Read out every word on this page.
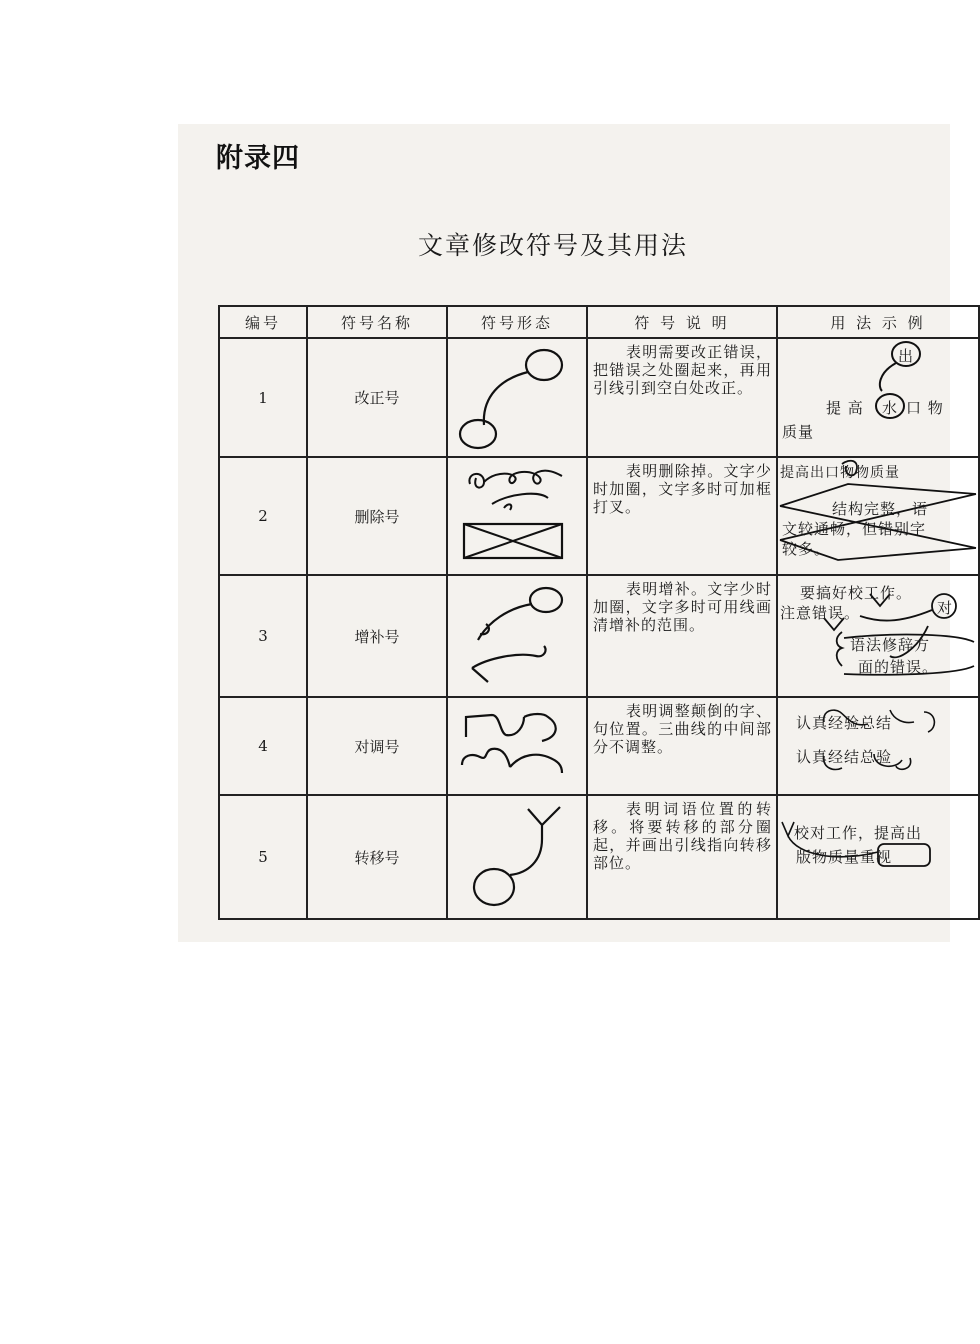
附录四
文章修改符号及其用法
编号	符号名称	符号形态	符 号 说 明	用 法 示 例
1	改正号		表明需要改正错误，把错误之处圈起来，再用引线引到空白处改正。	出
提 高 水 口 物
质量

2	删除号		表明删除掉。文字少时加圈，文字多时可加框打叉。	提高出口物物质量
结构完整，语
文较通畅，但错别字
较多。

3	增补号		表明增补。文字少时加圈，文字多时可用线画清增补的范围。	要搞好校工作。
注意错误。 对
语法修辞方
面的错误。

4	对调号		表明调整颠倒的字、句位置。三曲线的中间部分不调整。	认真经验总结
认真经结总验

5	转移号		表明词语位置的转移。将要转移的部分圈起，并画出引线指向转移部位。	校对工作，提高出
版物质量重视
